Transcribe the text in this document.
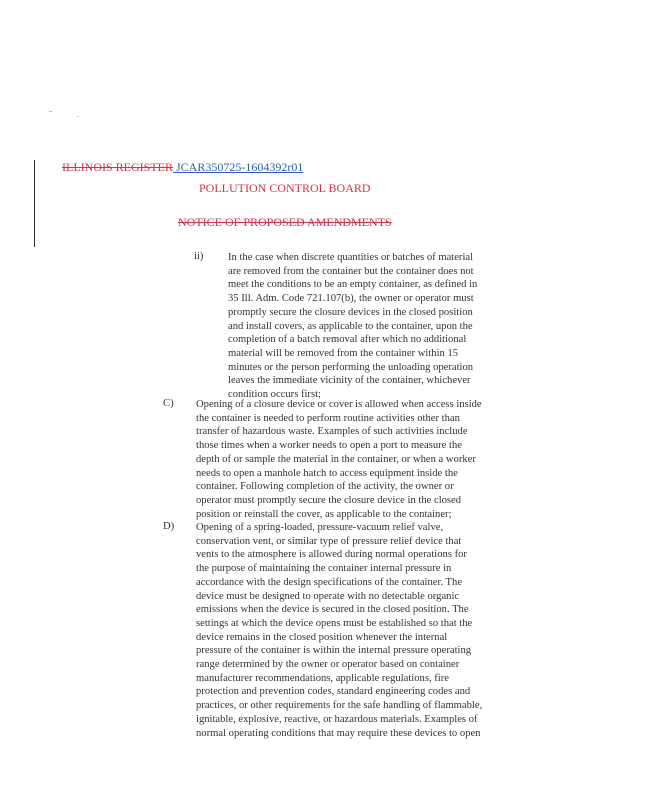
ILLINOIS REGISTER JCAR350725-1604392r01
POLLUTION CONTROL BOARD
NOTICE OF PROPOSED AMENDMENTS
ii) In the case when discrete quantities or batches of material
are removed from the container but the container does not
meet the conditions to be an empty container, as defined in
35 Ill. Adm. Code 721.107(b), the owner or operator must
promptly secure the closure devices in the closed position
and install covers, as applicable to the container, upon the
completion of a batch removal after which no additional
material will be removed from the container within 15
minutes or the person performing the unloading operation
leaves the immediate vicinity of the container, whichever
condition occurs first;
C) Opening of a closure device or cover is allowed when access inside
the container is needed to perform routine activities other than
transfer of hazardous waste. Examples of such activities include
those times when a worker needs to open a port to measure the
depth of or sample the material in the container, or when a worker
needs to open a manhole hatch to access equipment inside the
container. Following completion of the activity, the owner or
operator must promptly secure the closure device in the closed
position or reinstall the cover, as applicable to the container;
D) Opening of a spring-loaded, pressure-vacuum relief valve,
conservation vent, or similar type of pressure relief device that
vents to the atmosphere is allowed during normal operations for
the purpose of maintaining the container internal pressure in
accordance with the design specifications of the container. The
device must be designed to operate with no detectable organic
emissions when the device is secured in the closed position. The
settings at which the device opens must be established so that the
device remains in the closed position whenever the internal
pressure of the container is within the internal pressure operating
range determined by the owner or operator based on container
manufacturer recommendations, applicable regulations, fire
protection and prevention codes, standard engineering codes and
practices, or other requirements for the safe handling of flammable,
ignitable, explosive, reactive, or hazardous materials. Examples of
normal operating conditions that may require these devices to open
